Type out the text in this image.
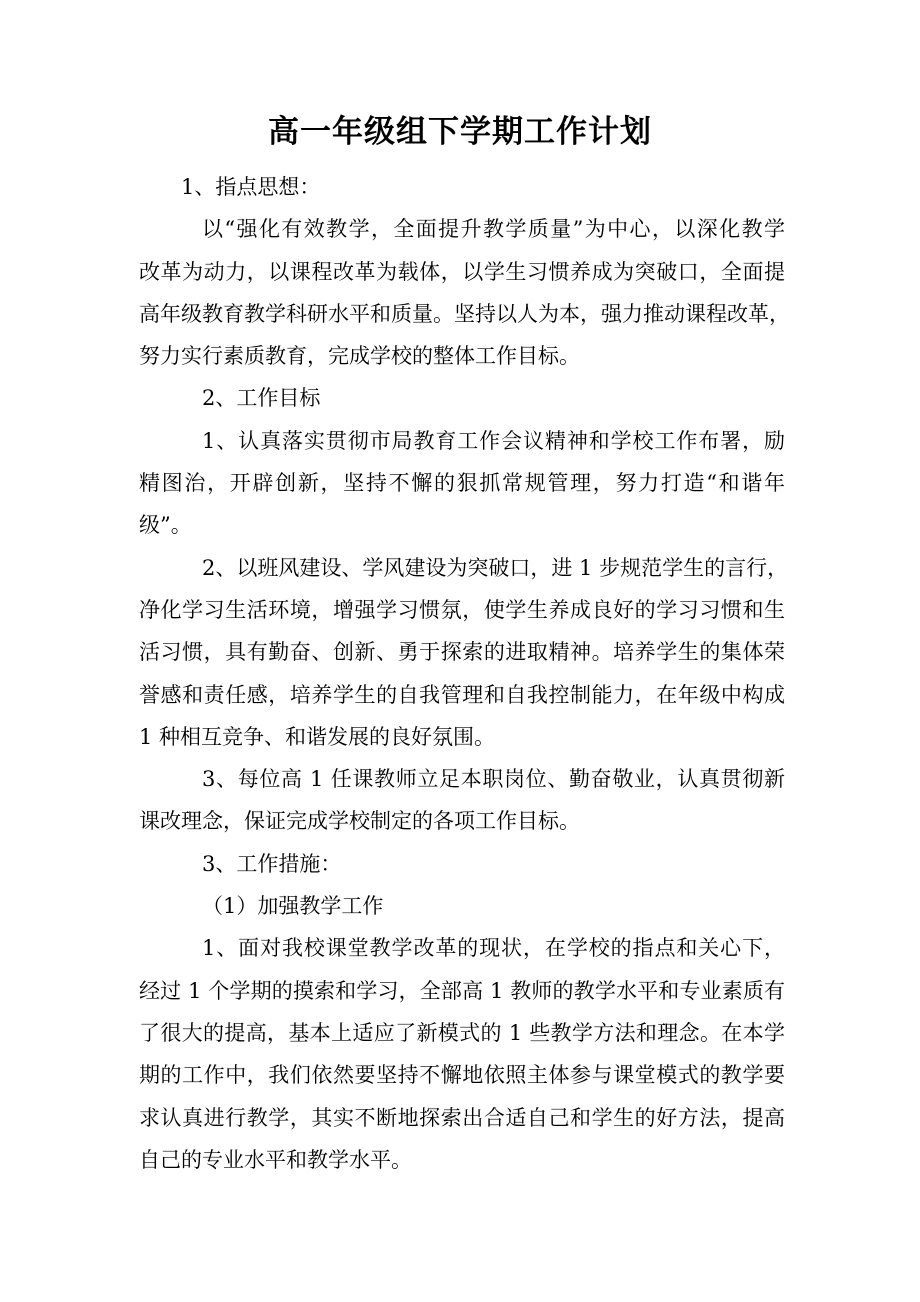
高一年级组下学期工作计划
1、指点思想：
以“强化有效教学，全面提升教学质量”为中心，以深化教学
改革为动力，以课程改革为载体，以学生习惯养成为突破口，全面提
高年级教育教学科研水平和质量。坚持以人为本，强力推动课程改革，
努力实行素质教育，完成学校的整体工作目标。
2、工作目标
1、认真落实贯彻市局教育工作会议精神和学校工作布署，励
精图治，开辟创新，坚持不懈的狠抓常规管理，努力打造“和谐年
级”。
2、以班风建设、学风建设为突破口，进 1 步规范学生的言行，
净化学习生活环境，增强学习惯氛，使学生养成良好的学习习惯和生
活习惯，具有勤奋、创新、勇于探索的进取精神。培养学生的集体荣
誉感和责任感，培养学生的自我管理和自我控制能力，在年级中构成
1 种相互竞争、和谐发展的良好氛围。
3、每位高 1 任课教师立足本职岗位、勤奋敬业，认真贯彻新
课改理念，保证完成学校制定的各项工作目标。
3、工作措施：
（1）加强教学工作
1、面对我校课堂教学改革的现状，在学校的指点和关心下，
经过 1 个学期的摸索和学习，全部高 1 教师的教学水平和专业素质有
了很大的提高，基本上适应了新模式的 1 些教学方法和理念。在本学
期的工作中，我们依然要坚持不懈地依照主体参与课堂模式的教学要
求认真进行教学，其实不断地探索出合适自己和学生的好方法，提高
自己的专业水平和教学水平。
